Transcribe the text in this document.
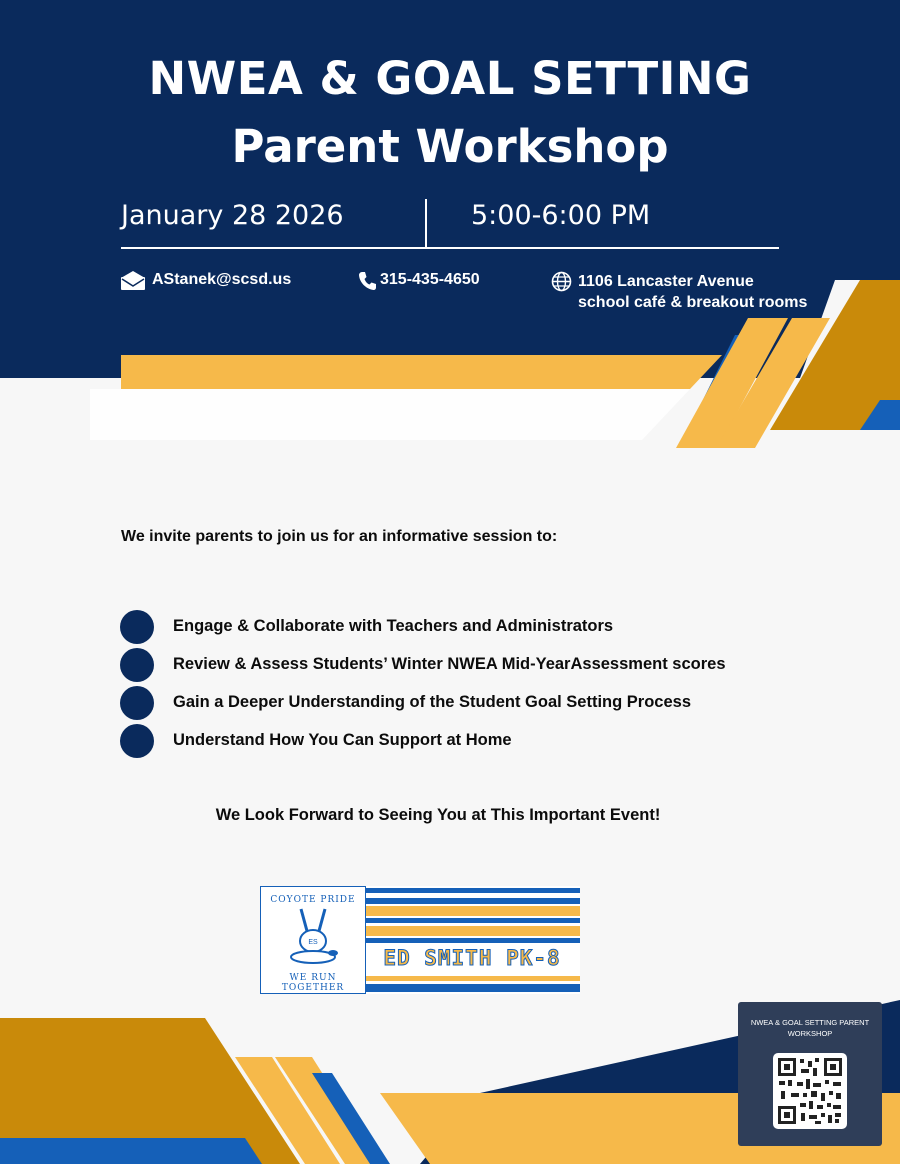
NWEA & GOAL SETTING
Parent Workshop
January 28 2026	5:00-6:00 PM
AStanek@scsd.us	315-435-4650	1106 Lancaster Avenue
school café & breakout rooms
We invite parents to join us for an informative session to:
Engage & Collaborate with Teachers and Administrators
Review & Assess Students’ Winter NWEA Mid-YearAssessment scores
Gain a Deeper Understanding of the Student Goal Setting Process
Understand How You Can Support at Home
We Look Forward to Seeing You at This Important Event!
COYOTE PRIDE
ES
WE RUN TOGETHER
ED SMITH PK-8
NWEA & GOAL SETTING PARENT WORKSHOP
